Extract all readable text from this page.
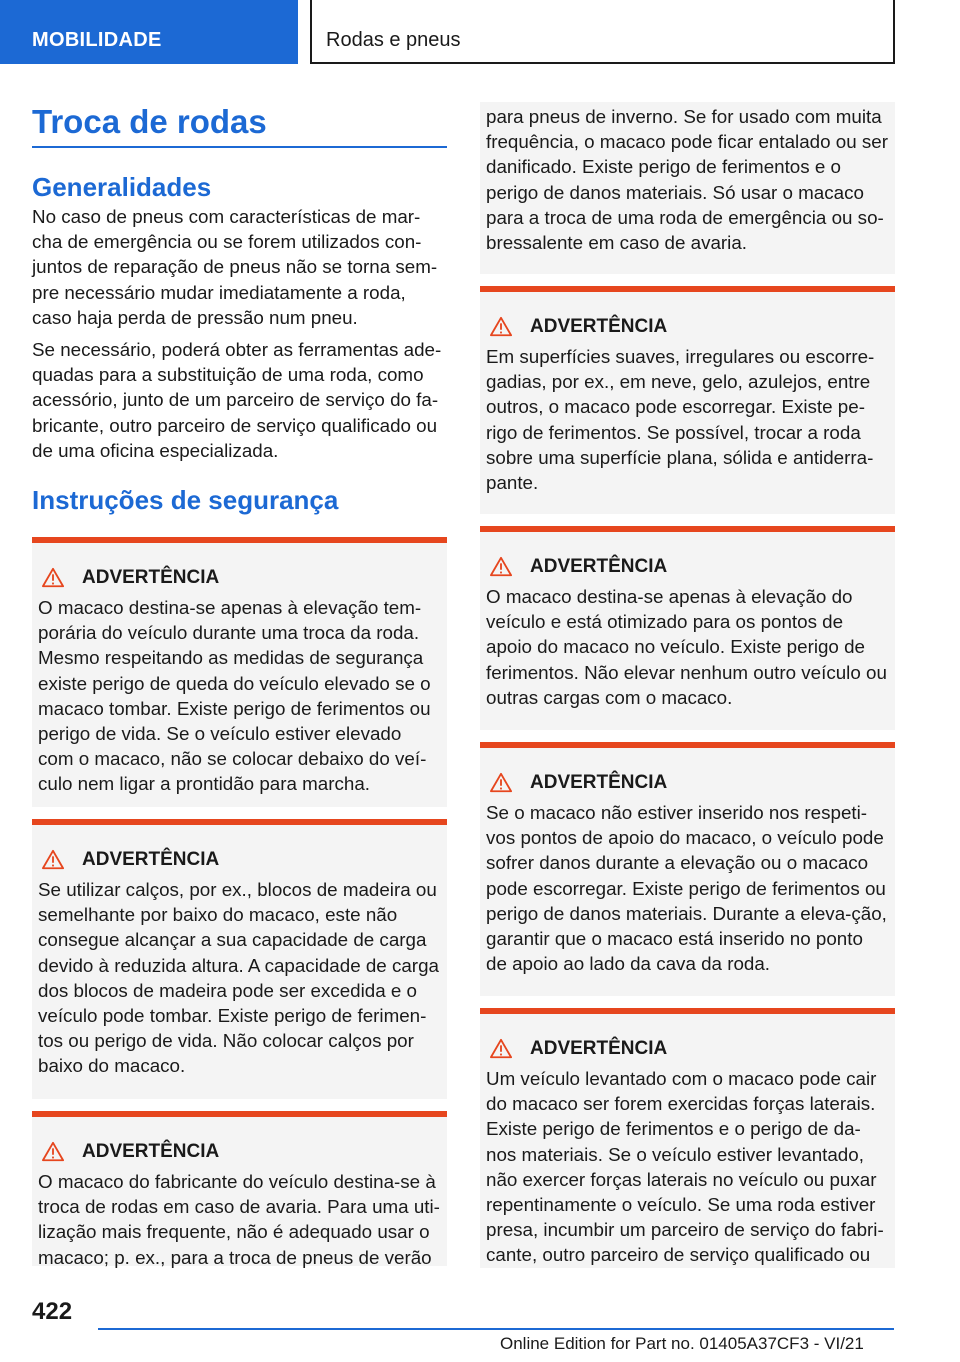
MOBILIDADE	Rodas e pneus
Troca de rodas
Generalidades
No caso de pneus com características de mar-cha de emergência ou se forem utilizados con-juntos de reparação de pneus não se torna sem-pre necessário mudar imediatamente a roda, caso haja perda de pressão num pneu.
Se necessário, poderá obter as ferramentas ade-quadas para a substituição de uma roda, como acessório, junto de um parceiro de serviço do fa-bricante, outro parceiro de serviço qualificado ou de uma oficina especializada.
Instruções de segurança
ADVERTÊNCIA
O macaco destina-se apenas à elevação tem-porária do veículo durante uma troca da roda. Mesmo respeitando as medidas de segurança existe perigo de queda do veículo elevado se o macaco tombar. Existe perigo de ferimentos ou perigo de vida. Se o veículo estiver elevado com o macaco, não se colocar debaixo do veí-culo nem ligar a prontidão para marcha.
ADVERTÊNCIA
Se utilizar calços, por ex., blocos de madeira ou semelhante por baixo do macaco, este não consegue alcançar a sua capacidade de carga devido à reduzida altura. A capacidade de carga dos blocos de madeira pode ser excedida e o veículo pode tombar. Existe perigo de ferimen-tos ou perigo de vida. Não colocar calços por baixo do macaco.
ADVERTÊNCIA
O macaco do fabricante do veículo destina-se à troca de rodas em caso de avaria. Para uma uti-lização mais frequente, não é adequado usar o macaco; p. ex., para a troca de pneus de verão
para pneus de inverno. Se for usado com muita frequência, o macaco pode ficar entalado ou ser danificado. Existe perigo de ferimentos e o perigo de danos materiais. Só usar o macaco para a troca de uma roda de emergência ou so-bressalente em caso de avaria.
ADVERTÊNCIA
Em superfícies suaves, irregulares ou escorre-gadias, por ex., em neve, gelo, azulejos, entre outros, o macaco pode escorregar. Existe pe-rigo de ferimentos. Se possível, trocar a roda sobre uma superfície plana, sólida e antiderra-pante.
ADVERTÊNCIA
O macaco destina-se apenas à elevação do veículo e está otimizado para os pontos de apoio do macaco no veículo. Existe perigo de ferimentos. Não elevar nenhum outro veículo ou outras cargas com o macaco.
ADVERTÊNCIA
Se o macaco não estiver inserido nos respeti-vos pontos de apoio do macaco, o veículo pode sofrer danos durante a elevação ou o macaco pode escorregar. Existe perigo de ferimentos ou perigo de danos materiais. Durante a eleva-ção, garantir que o macaco está inserido no ponto de apoio ao lado da cava da roda.
ADVERTÊNCIA
Um veículo levantado com o macaco pode cair do macaco ser forem exercidas forças laterais. Existe perigo de ferimentos e o perigo de da-nos materiais. Se o veículo estiver levantado, não exercer forças laterais no veículo ou puxar repentinamente o veículo. Se uma roda estiver presa, incumbir um parceiro de serviço do fabri-cante, outro parceiro de serviço qualificado ou
422
Online Edition for Part no. 01405A37CF3 - VI/21
